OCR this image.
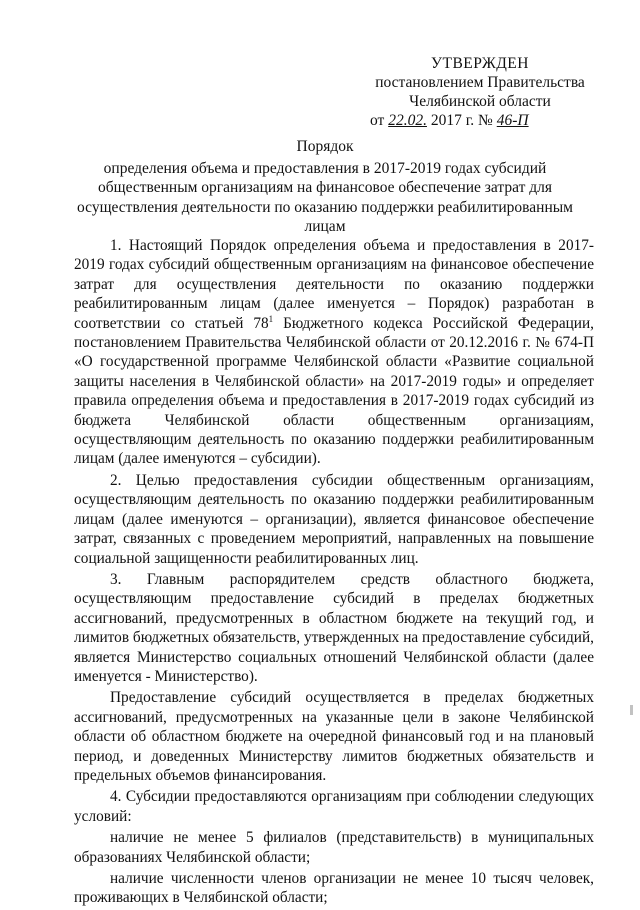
УТВЕРЖДЕН
постановлением Правительства
Челябинской области
от 22.02. 2017 г. № 46-П
Порядок
определения объема и предоставления в 2017-2019 годах субсидий общественным организациям на финансовое обеспечение затрат для осуществления деятельности по оказанию поддержки реабилитированным лицам

1. Настоящий Порядок определения объема и предоставления в 2017-2019 годах субсидий общественным организациям на финансовое обеспечение затрат для осуществления деятельности по оказанию поддержки реабилитированным лицам (далее именуется – Порядок) разработан в соответствии со статьей $78^1$ Бюджетного кодекса Российской Федерации, постановлением Правительства Челябинской области от 20.12.2016 г. № 674-П «О государственной программе Челябинской области «Развитие социальной защиты населения в Челябинской области» на 2017-2019 годы» и определяет правила определения объема и предоставления в 2017-2019 годах субсидий из бюджета Челябинской области общественным организациям, осуществляющим деятельность по оказанию поддержки реабилитированным лицам (далее именуются – субсидии).

2. Целью предоставления субсидии общественным организациям, осуществляющим деятельность по оказанию поддержки реабилитированным лицам (далее именуются – организации), является финансовое обеспечение затрат, связанных с проведением мероприятий, направленных на повышение социальной защищенности реабилитированных лиц.

3. Главным распорядителем средств областного бюджета, осуществляющим предоставление субсидий в пределах бюджетных ассигнований, предусмотренных в областном бюджете на текущий год, и лимитов бюджетных обязательств, утвержденных на предоставление субсидий, является Министерство социальных отношений Челябинской области (далее именуется - Министерство).

Предоставление субсидий осуществляется в пределах бюджетных ассигнований, предусмотренных на указанные цели в законе Челябинской области об областном бюджете на очередной финансовый год и на плановый период, и доведенных Министерству лимитов бюджетных обязательств и предельных объемов финансирования.

4. Субсидии предоставляются организациям при соблюдении следующих условий:

наличие не менее 5 филиалов (представительств) в муниципальных образованиях Челябинской области;

наличие численности членов организации не менее 10 тысяч человек, проживающих в Челябинской области;
